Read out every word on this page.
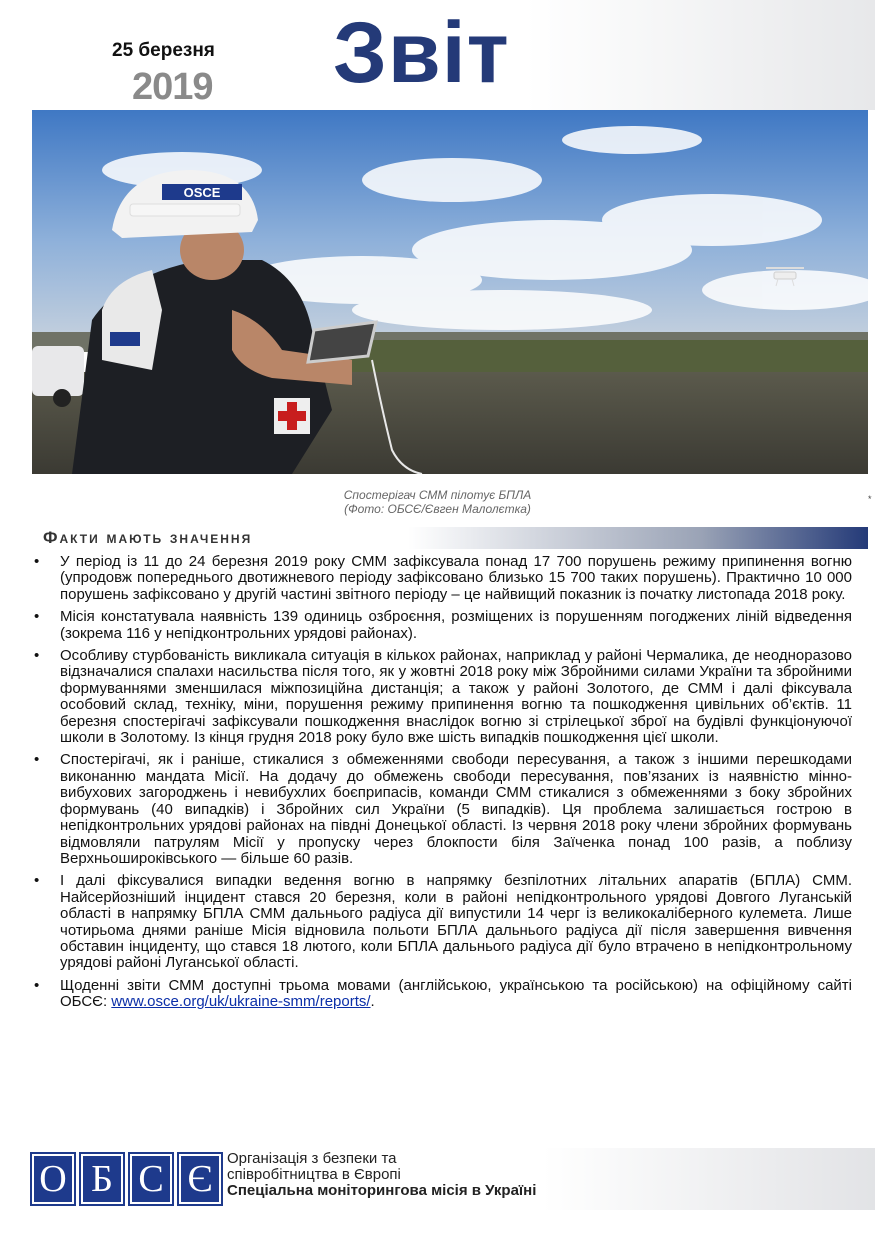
25 березня
2019 Звіт
OSCE
Спостерігач СММ пілотує БПЛА
(Фото: ОБСЄ/Євген Малолєтка)
*
Факти мають значення
• У період із 11 до 24 березня 2019 року СММ зафіксувала понад 17 700 порушень режиму припинення вогню (упродовж попереднього двотижневого періоду зафіксовано близько 15 700 таких порушень). Практично 10 000 порушень зафіксовано у другій частині звітного періоду – це найвищий показник із початку листопада 2018 року.
• Місія констатувала наявність 139 одиниць озброєння, розміщених із порушенням погоджених ліній відведення (зокрема 116 у непідконтрольних урядові районах).
• Особливу стурбованість викликала ситуація в кількох районах, наприклад у районі Чермалика, де неодноразово відзначалися спалахи насильства після того, як у жовтні 2018 року між Збройними силами України та збройними формуваннями зменшилася міжпозиційна дистанція; а також у районі Золотого, де СММ і далі фіксувала особовий склад, техніку, міни, порушення режиму припинення вогню та пошкодження цивільних об’єктів. 11 березня спостерігачі зафіксували пошкодження внаслідок вогню зі стрілецької зброї на будівлі функціонуючої школи в Золотому. Із кінця грудня 2018 року було вже шість випадків пошкодження цієї школи.
• Спостерігачі, як і раніше, стикалися з обмеженнями свободи пересування, а також з іншими перешкодами виконанню мандата Місії. На додачу до обмежень свободи пересування, пов’язаних із наявністю мінно-вибухових загороджень і невибухлих боєприпасів, команди СММ стикалися з обмеженнями з боку збройних формувань (40 випадків) і Збройних сил України (5 випадків). Ця проблема залишається гострою в непідконтрольних урядові районах на півдні Донецької області. Із червня 2018 року члени збройних формувань відмовляли патрулям Місії у пропуску через блокпости біля Заїченка понад 100 разів, а поблизу Верхньошироківського — більше 60 разів.
• І далі фіксувалися випадки ведення вогню в напрямку безпілотних літальних апаратів (БПЛА) СММ. Найсерйозніший інцидент стався 20 березня, коли в районі непідконтрольного урядові Довгого Луганській області в напрямку БПЛА СММ дальнього радіуса дії випустили 14 черг із великокаліберного кулемета. Лише чотирьома днями раніше Місія відновила польоти БПЛА дальнього радіуса дії після завершення вивчення обставин інциденту, що стався 18 лютого, коли БПЛА дальнього радіуса дії було втрачено в непідконтрольному урядові районі Луганської області.
• Щоденні звіти СММ доступні трьома мовами (англійською, українською та російською) на офіційному сайті ОБСЄ: www.osce.org/uk/ukraine-smm/reports/.
О Б С Є Організація з безпеки та
співробітництва в Європі
Спеціальна моніторингова місія в Україні
